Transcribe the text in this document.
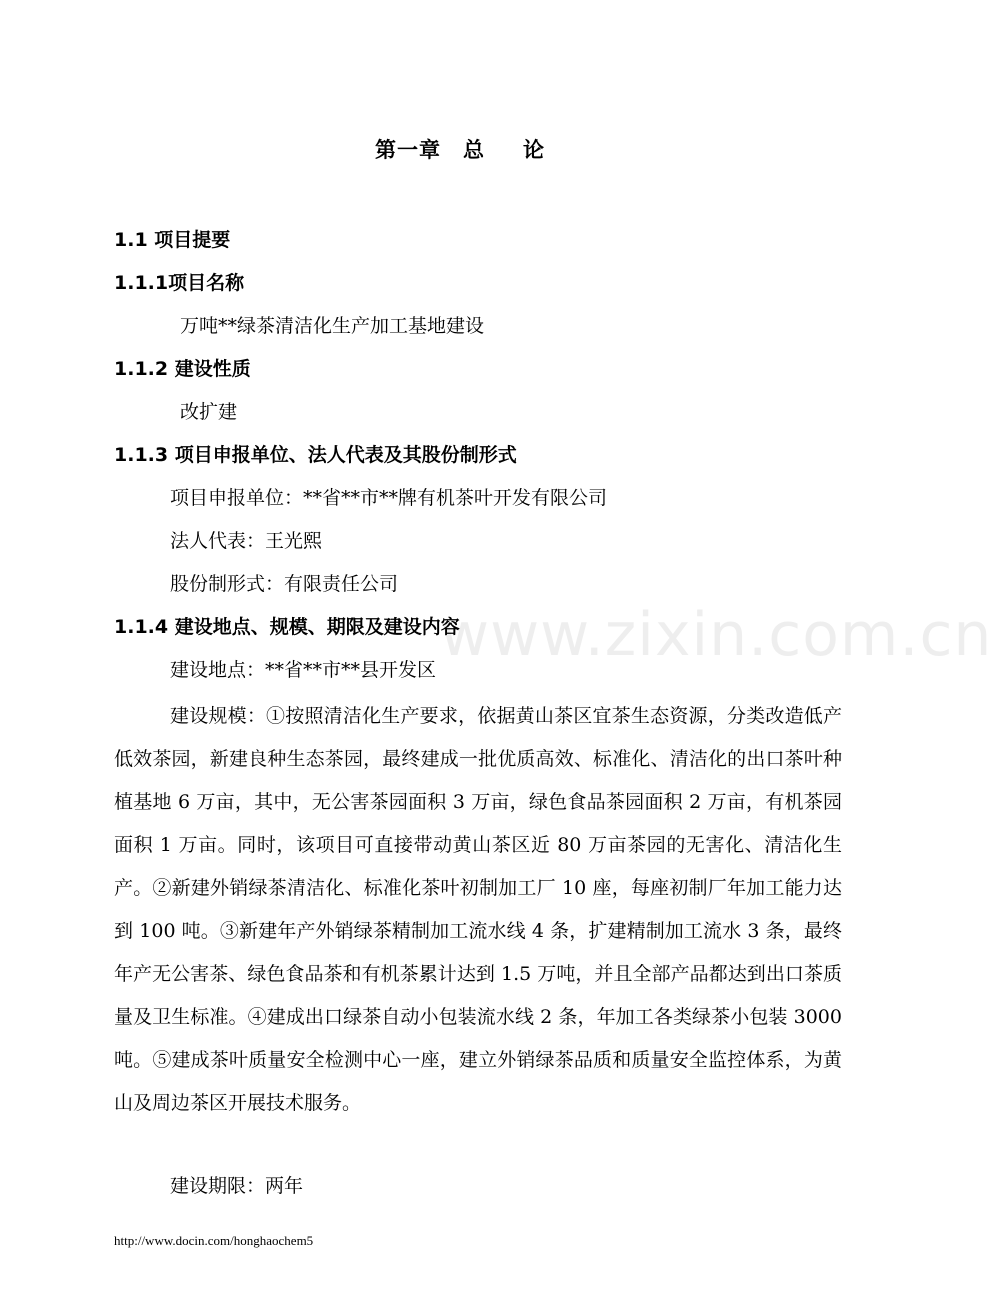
第一章 总 论
1.1 项目提要
1.1.1项目名称
万吨**绿茶清洁化生产加工基地建设
1.1.2 建设性质
改扩建
1.1.3 项目申报单位、法人代表及其股份制形式
项目申报单位：**省**市**牌有机茶叶开发有限公司
法人代表：王光熙
股份制形式：有限责任公司
www.zixin.com.cn
1.1.4 建设地点、规模、期限及建设内容
建设地点：**省**市**县开发区
建设规模：①按照清洁化生产要求，依据黄山茶区宜茶生态资源，分类改造低产低效茶园，新建良种生态茶园，最终建成一批优质高效、标准化、清洁化的出口茶叶种植基地 6 万亩，其中，无公害茶园面积 3 万亩，绿色食品茶园面积 2 万亩，有机茶园面积 1 万亩。同时，该项目可直接带动黄山茶区近 80 万亩茶园的无害化、清洁化生产。②新建外销绿茶清洁化、标准化茶叶初制加工厂 10 座，每座初制厂年加工能力达到 100 吨。③新建年产外销绿茶精制加工流水线 4 条，扩建精制加工流水 3 条，最终年产无公害茶、绿色食品茶和有机茶累计达到 1.5 万吨，并且全部产品都达到出口茶质量及卫生标准。④建成出口绿茶自动小包装流水线 2 条，年加工各类绿茶小包装 3000 吨。⑤建成茶叶质量安全检测中心一座，建立外销绿茶品质和质量安全监控体系，为黄山及周边茶区开展技术服务。
建设期限：两年
http://www.docin.com/honghaochem5
